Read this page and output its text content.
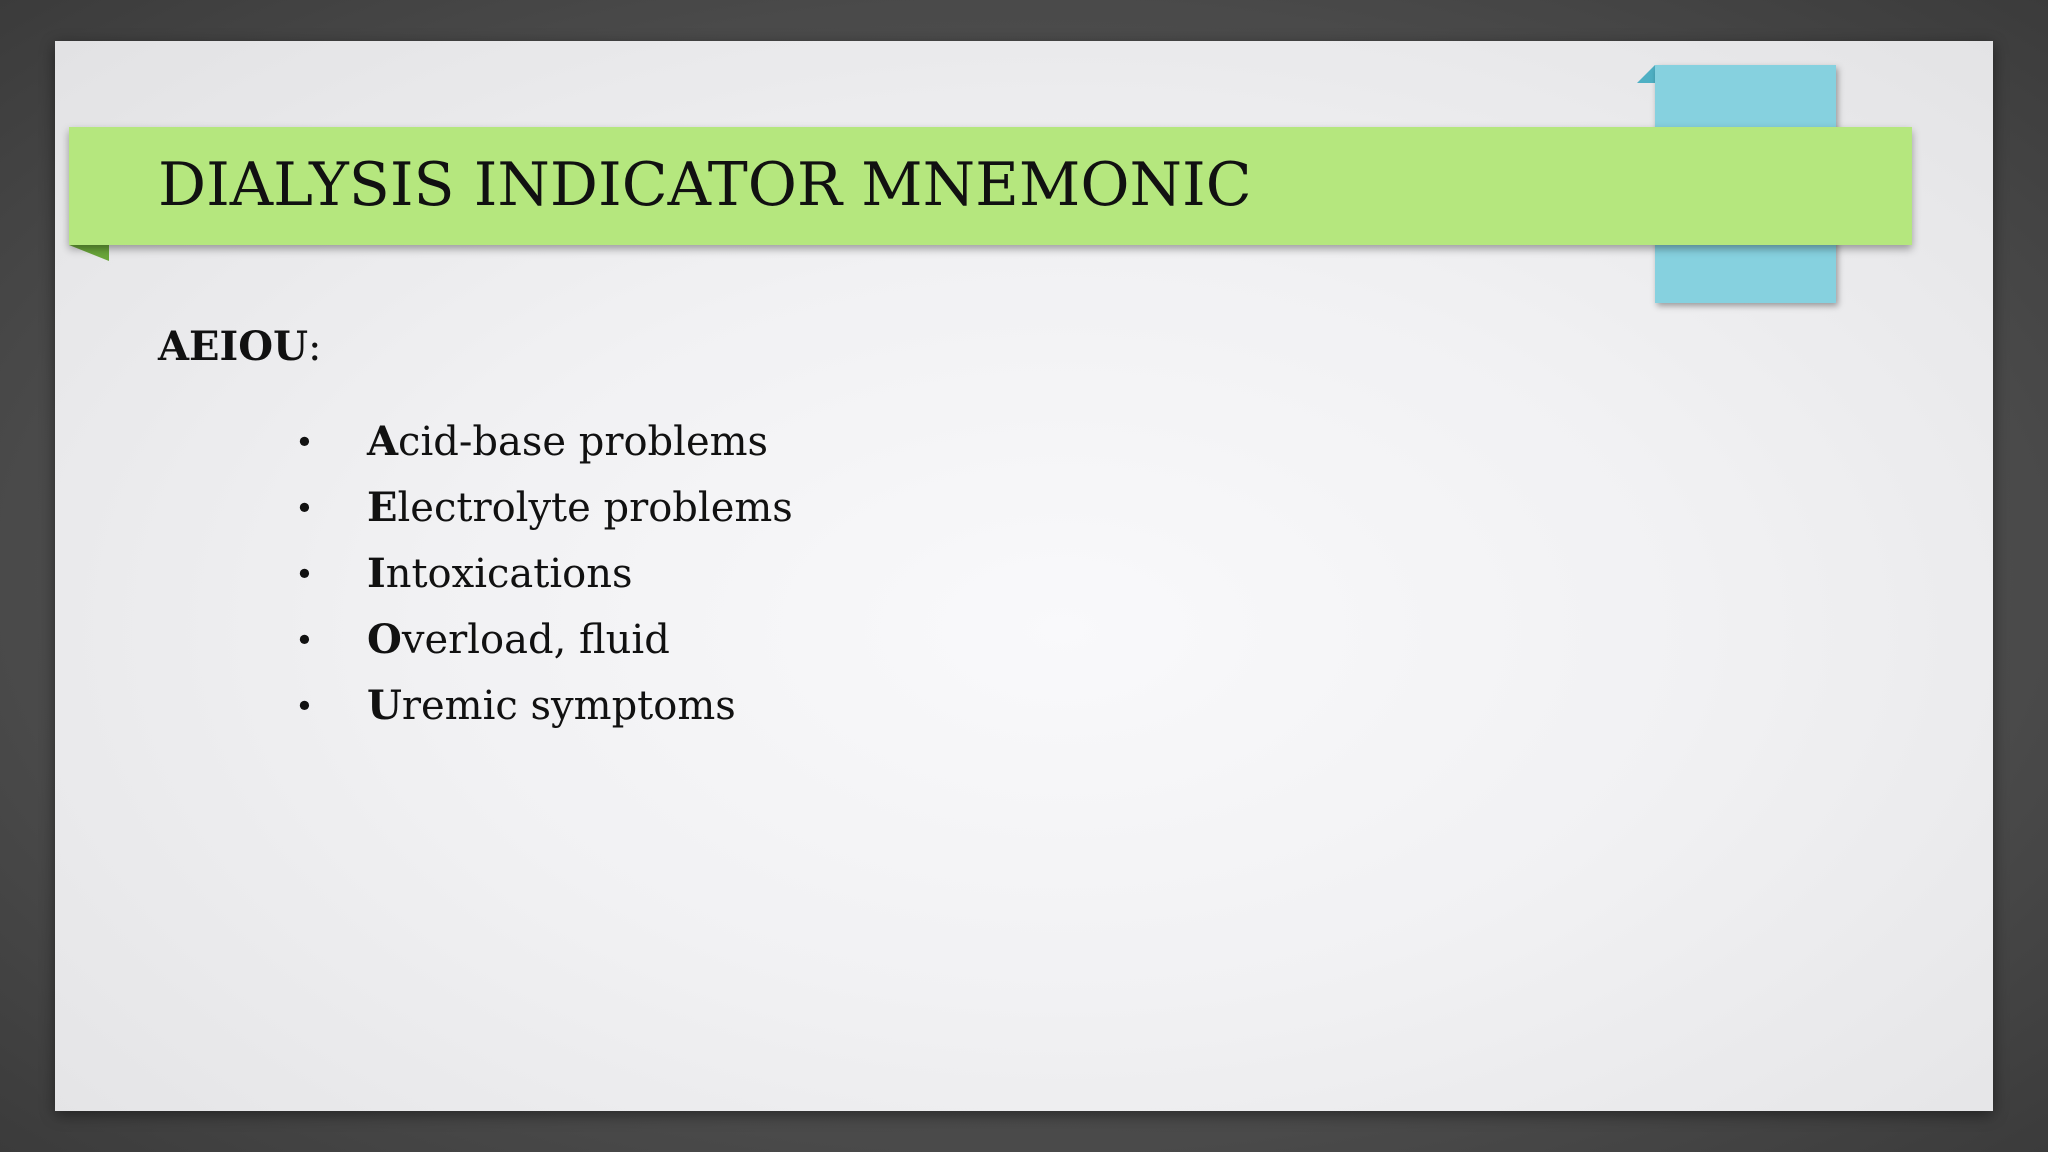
DIALYSIS INDICATOR MNEMONIC
AEIOU:
• Acid-base problems
• Electrolyte problems
• Intoxications
• Overload, fluid
• Uremic symptoms
